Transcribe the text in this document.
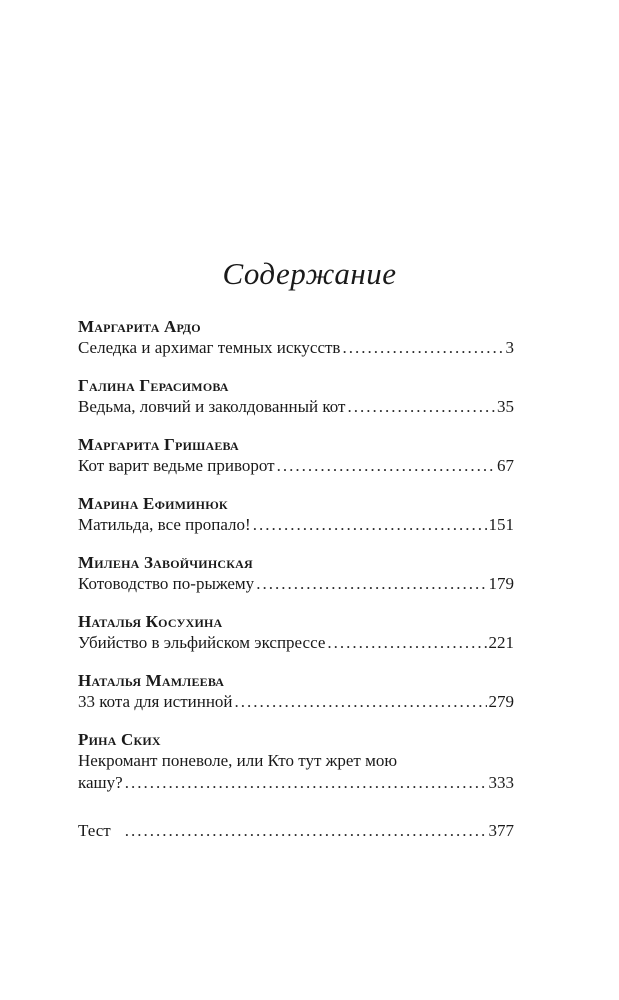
Содержание
Маргарита Ардо
Селедка и архимаг темных искусств .....	3
Галина Герасимова
Ведьма, ловчий и заколдованный кот .....	35
Маргарита Гришаева
Кот варит ведьме приворот .....	67
Марина Ефиминюк
Матильда, все пропало! .....	151
Милена Завойчинская
Котоводство по-рыжему .....	179
Наталья Косухина
Убийство в эльфийском экспрессе .....	221
Наталья Мамлеева
33 кота для истинной .....	279
Рина Ских
Некромант поневоле, или Кто тут жрет мою
кашу? .....	333
Тест .....	377
